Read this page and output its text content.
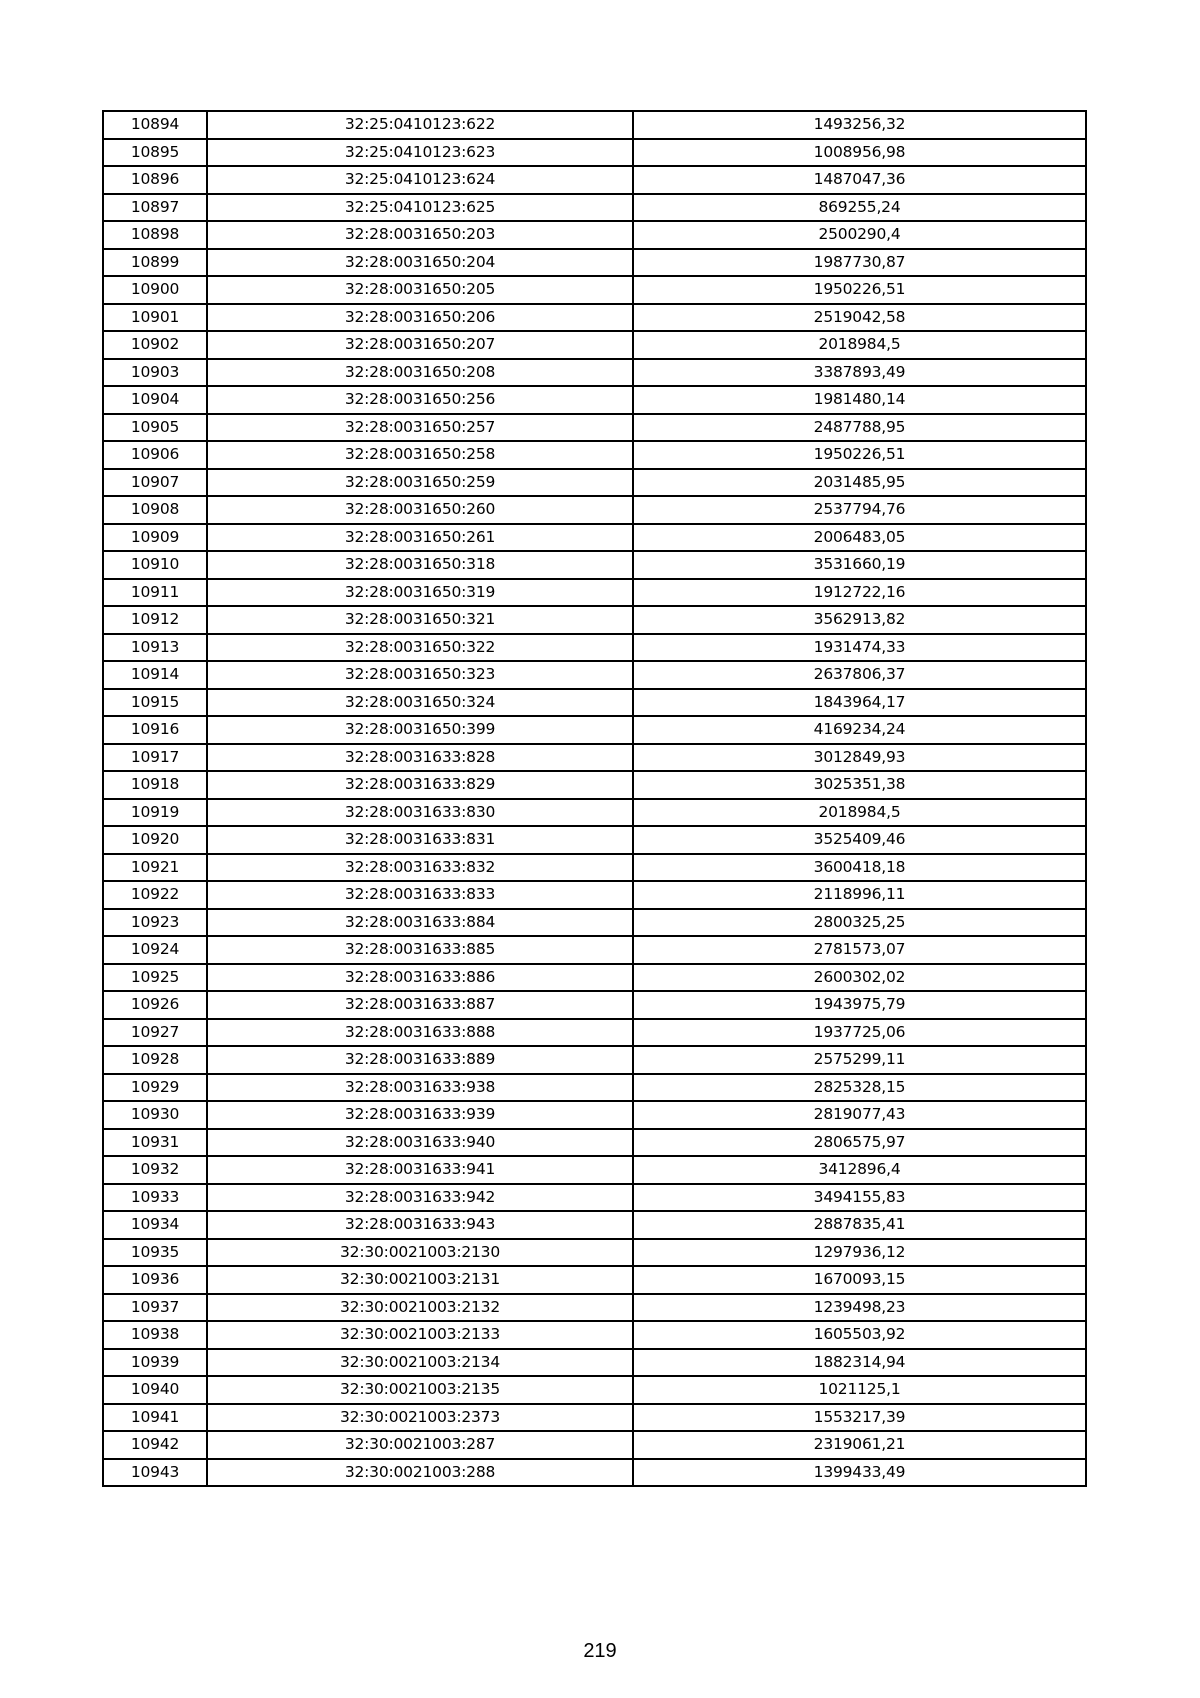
10894	32:25:0410123:622	1493256,32
10895	32:25:0410123:623	1008956,98
10896	32:25:0410123:624	1487047,36
10897	32:25:0410123:625	869255,24
10898	32:28:0031650:203	2500290,4
10899	32:28:0031650:204	1987730,87
10900	32:28:0031650:205	1950226,51
10901	32:28:0031650:206	2519042,58
10902	32:28:0031650:207	2018984,5
10903	32:28:0031650:208	3387893,49
10904	32:28:0031650:256	1981480,14
10905	32:28:0031650:257	2487788,95
10906	32:28:0031650:258	1950226,51
10907	32:28:0031650:259	2031485,95
10908	32:28:0031650:260	2537794,76
10909	32:28:0031650:261	2006483,05
10910	32:28:0031650:318	3531660,19
10911	32:28:0031650:319	1912722,16
10912	32:28:0031650:321	3562913,82
10913	32:28:0031650:322	1931474,33
10914	32:28:0031650:323	2637806,37
10915	32:28:0031650:324	1843964,17
10916	32:28:0031650:399	4169234,24
10917	32:28:0031633:828	3012849,93
10918	32:28:0031633:829	3025351,38
10919	32:28:0031633:830	2018984,5
10920	32:28:0031633:831	3525409,46
10921	32:28:0031633:832	3600418,18
10922	32:28:0031633:833	2118996,11
10923	32:28:0031633:884	2800325,25
10924	32:28:0031633:885	2781573,07
10925	32:28:0031633:886	2600302,02
10926	32:28:0031633:887	1943975,79
10927	32:28:0031633:888	1937725,06
10928	32:28:0031633:889	2575299,11
10929	32:28:0031633:938	2825328,15
10930	32:28:0031633:939	2819077,43
10931	32:28:0031633:940	2806575,97
10932	32:28:0031633:941	3412896,4
10933	32:28:0031633:942	3494155,83
10934	32:28:0031633:943	2887835,41
10935	32:30:0021003:2130	1297936,12
10936	32:30:0021003:2131	1670093,15
10937	32:30:0021003:2132	1239498,23
10938	32:30:0021003:2133	1605503,92
10939	32:30:0021003:2134	1882314,94
10940	32:30:0021003:2135	1021125,1
10941	32:30:0021003:2373	1553217,39
10942	32:30:0021003:287	2319061,21
10943	32:30:0021003:288	1399433,49
219
